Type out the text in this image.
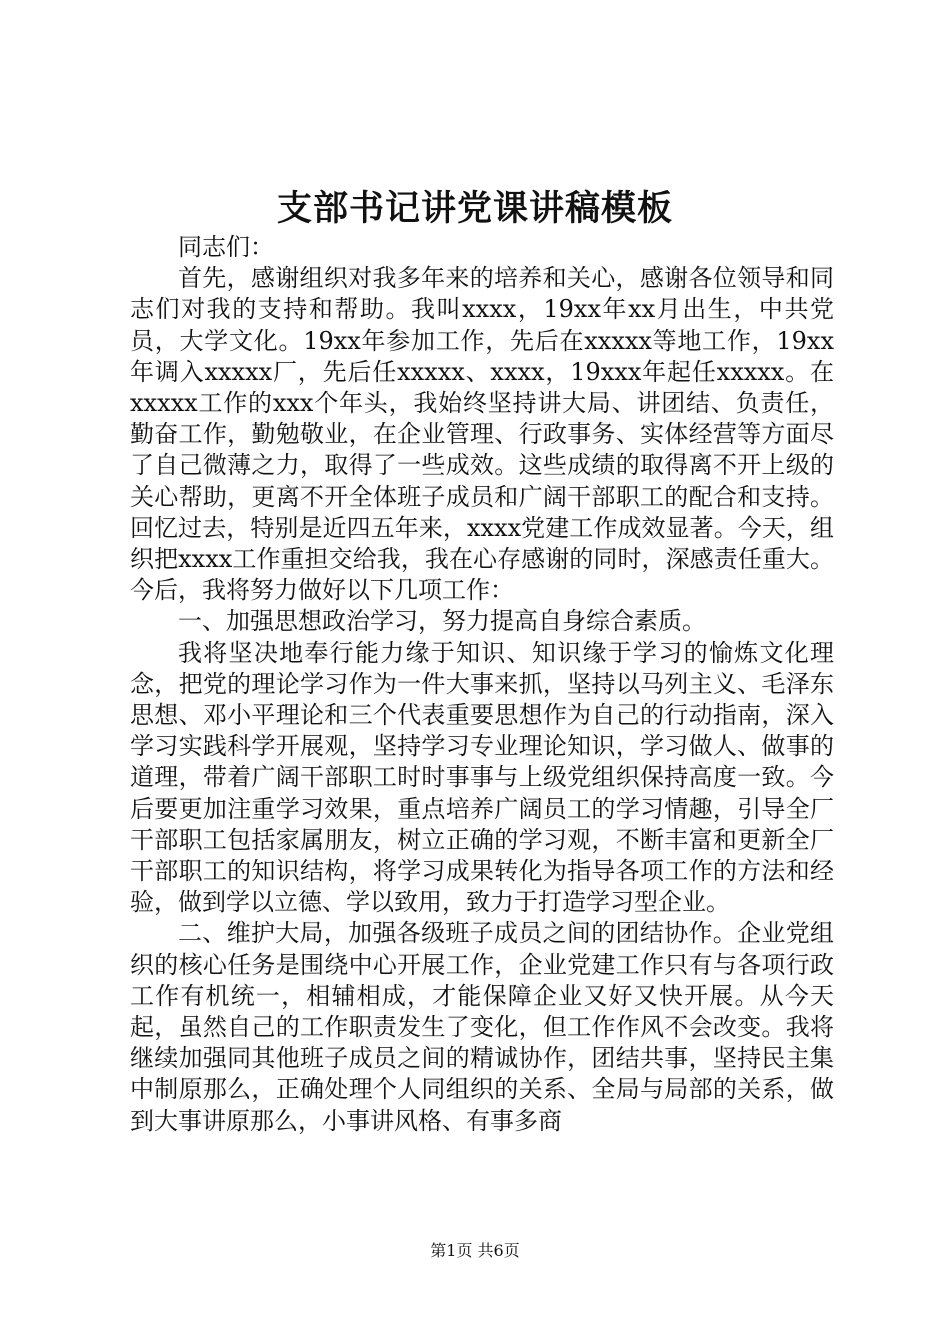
支部书记讲党课讲稿模板

同志们：

首先，感谢组织对我多年来的培养和关心，感谢各位领导和同志们对我的支持和帮助。我叫xxxx，19xx年xx月出生，中共党员，大学文化。19xx年参加工作，先后在xxxxx等地工作，19xx年调入xxxxx厂，先后任xxxxx、xxxx，19xxx年起任xxxxx。在xxxxx工作的xxx个年头，我始终坚持讲大局、讲团结、负责任，勤奋工作，勤勉敬业，在企业管理、行政事务、实体经营等方面尽了自己微薄之力，取得了一些成效。这些成绩的取得离不开上级的关心帮助，更离不开全体班子成员和广阔干部职工的配合和支持。回忆过去，特别是近四五年来，xxxx党建工作成效显著。今天，组织把xxxx工作重担交给我，我在心存感谢的同时，深感责任重大。今后，我将努力做好以下几项工作：

一、加强思想政治学习，努力提高自身综合素质。

我将坚决地奉行能力缘于知识、知识缘于学习的愉炼文化理念，把党的理论学习作为一件大事来抓，坚持以马列主义、毛泽东思想、邓小平理论和三个代表重要思想作为自己的行动指南，深入学习实践科学开展观，坚持学习专业理论知识，学习做人、做事的道理，带着广阔干部职工时时事事与上级党组织保持高度一致。今后要更加注重学习效果，重点培养广阔员工的学习情趣，引导全厂干部职工包括家属朋友，树立正确的学习观，不断丰富和更新全厂干部职工的知识结构，将学习成果转化为指导各项工作的方法和经验，做到学以立德、学以致用，致力于打造学习型企业。

二、维护大局，加强各级班子成员之间的团结协作。企业党组织的核心任务是围绕中心开展工作，企业党建工作只有与各项行政工作有机统一，相辅相成，才能保障企业又好又快开展。从今天起，虽然自己的工作职责发生了变化，但工作作风不会改变。我将继续加强同其他班子成员之间的精诚协作，团结共事，坚持民主集中制原那么，正确处理个人同组织的关系、全局与局部的关系，做到大事讲原那么，小事讲风格、有事多商

第1页 共6页
